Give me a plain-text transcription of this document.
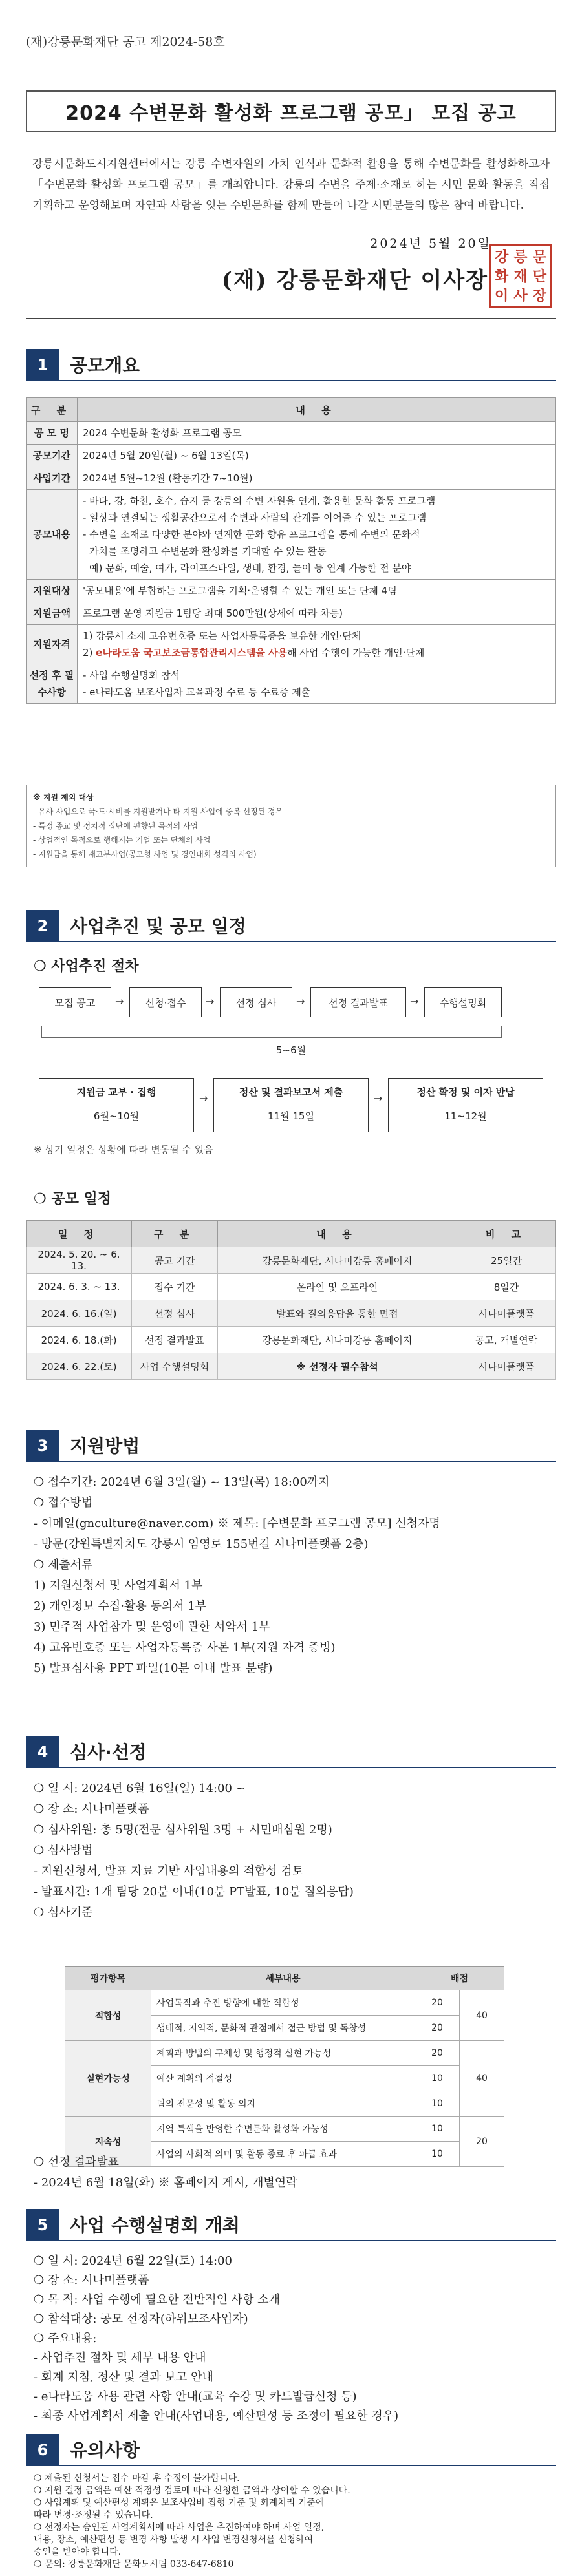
(재)강릉문화재단 공고 제2024-58호
2024 수변문화 활성화 프로그램 공모」 모집 공고
강릉시문화도시지원센터에서는 강릉 수변자원의 가치 인식과 문화적 활용을 통해 수변문화를 활성화하고자 「수변문화 활성화 프로그램 공모」를 개최합니다. 강릉의 수변을 주제·소재로 하는 시민 문화 활동을 직접 기획하고 운영해보며 자연과 사람을 잇는 수변문화를 함께 만들어 나갈 시민분들의 많은 참여 바랍니다.
2024년 5월 20일
(재) 강릉문화재단 이사장
강 릉 문
화 재 단
이 사 장
1	공모개요
구 분	내 용
공 모 명	2024 수변문화 활성화 프로그램 공모
공모기간	2024년 5월 20일(월) ~ 6월 13일(목)
사업기간	2024년 5월~12월 (활동기간 7~10월)
공모내용	- 바다, 강, 하천, 호수, 습지 등 강릉의 수변 자원을 연계, 활용한 문화 활동 프로그램
- 일상과 연결되는 생활공간으로서 수변과 사람의 관계를 이어줄 수 있는 프로그램
- 수변을 소재로 다양한 분야와 연계한 문화 향유 프로그램을 통해 수변의 문화적
가치를 조명하고 수변문화 활성화를 기대할 수 있는 활동
예) 문화, 예술, 여가, 라이프스타일, 생태, 환경, 놀이 등 연계 가능한 전 분야

지원대상	'공모내용'에 부합하는 프로그램을 기획·운영할 수 있는 개인 또는 단체 4팀
지원금액	프로그램 운영 지원금 1팀당 최대 500만원(상세에 따라 차등)
지원자격	1) 강릉시 소재 고유번호증 또는 사업자등록증을 보유한 개인·단체
2) e나라도움 국고보조금통합관리시스템을 사용해 사업 수행이 가능한 개인·단체

선정 후 필수사항	- 사업 수행설명회 참석
- e나라도움 보조사업자 교육과정 수료 등 수료증 제출
※ 지원 제외 대상
- 유사 사업으로 국·도·시비를 지원받거나 타 지원 사업에 중복 선정된 경우
- 특정 종교 및 정치적 집단에 편향된 목적의 사업
- 상업적인 목적으로 행해지는 기업 또는 단체의 사업
- 지원금을 통해 재교부사업(공모형 사업 및 경연대회 성격의 사업)
2	사업추진 및 공모 일정
❍ 사업추진 절차
모집 공고	→	신청·접수	→	선정 심사	→	선정 결과발표	→	수행설명회
5~6월
지원금 교부 · 집행
6월~10월
→	정산 및 결과보고서 제출
11월 15일
→	정산 확정 및 이자 반납
11~12월
※ 상기 일정은 상황에 따라 변동될 수 있음
❍ 공모 일정
일 정	구 분	내 용	비 고
2024. 5. 20. ~ 6. 13.	공고 기간	강릉문화재단, 시나미강릉 홈페이지	25일간
2024. 6. 3. ~ 13.	접수 기간	온라인 및 오프라인	8일간
2024. 6. 16.(일)	선정 심사	발표와 질의응답을 통한 면접	시나미플랫폼
2024. 6. 18.(화)	선정 결과발표	강릉문화재단, 시나미강릉 홈페이지	공고, 개별연락
2024. 6. 22.(토)	사업 수행설명회	※ 선정자 필수참석	시나미플랫폼
3	지원방법
❍ 접수기간: 2024년 6월 3일(월) ~ 13일(목) 18:00까지
❍ 접수방법
- 이메일(gnculture@naver.com) ※ 제목: [수변문화 프로그램 공모] 신청자명
- 방문(강원특별자치도 강릉시 임영로 155번길 시나미플랫폼 2층)
❍ 제출서류
1) 지원신청서 및 사업계획서 1부
2) 개인정보 수집·활용 동의서 1부
3) 민주적 사업참가 및 운영에 관한 서약서 1부
4) 고유번호증 또는 사업자등록증 사본 1부(지원 자격 증빙)
5) 발표심사용 PPT 파일(10분 이내 발표 분량)
4	심사·선정
❍ 일 시: 2024년 6월 16일(일) 14:00 ~
❍ 장 소: 시나미플랫폼
❍ 심사위원: 총 5명(전문 심사위원 3명 + 시민배심원 2명)
❍ 심사방법
- 지원신청서, 발표 자료 기반 사업내용의 적합성 검토
- 발표시간: 1개 팀당 20분 이내(10분 PT발표, 10분 질의응답)
❍ 심사기준
평가항목	세부내용	배점	
적합성	사업목적과 추진 방향에 대한 적합성	20	40
	생태적, 지역적, 문화적 관점에서 접근 방법 및 독창성	20	
실현가능성	계획과 방법의 구체성 및 행정적 실현 가능성	20	40
	예산 계획의 적절성	10	
	팀의 전문성 및 활동 의지	10	
지속성	지역 특색을 반영한 수변문화 활성화 가능성	10	20
	사업의 사회적 의미 및 활동 종료 후 파급 효과	10	
❍ 선정 결과발표
- 2024년 6월 18일(화) ※ 홈페이지 게시, 개별연락
5	사업 수행설명회 개최
❍ 일 시: 2024년 6월 22일(토) 14:00
❍ 장 소: 시나미플랫폼
❍ 목 적: 사업 수행에 필요한 전반적인 사항 소개
❍ 참석대상: 공모 선정자(하위보조사업자)
❍ 주요내용:
- 사업추진 절차 및 세부 내용 안내
- 회계 지침, 정산 및 결과 보고 안내
- e나라도움 사용 관련 사항 안내(교육 수강 및 카드발급신청 등)
- 최종 사업계획서 제출 안내(사업내용, 예산편성 등 조정이 필요한 경우)
6	유의사항
❍ 제출된 신청서는 접수 마감 후 수정이 불가합니다.
❍ 지원 결정 금액은 예산 적정성 검토에 따라 신청한 금액과 상이할 수 있습니다.
❍ 사업계획 및 예산편성 계획은 보조사업비 집행 기준 및 회계처리 기준에
따라 변경·조정될 수 있습니다.
❍ 선정자는 승인된 사업계획서에 따라 사업을 추진하여야 하며 사업 일정,
내용, 장소, 예산편성 등 변경 사항 발생 시 사업 변경신청서를 신청하여
승인을 받아야 합니다.
❍ 문의: 강릉문화재단 문화도시팀 033-647-6810
